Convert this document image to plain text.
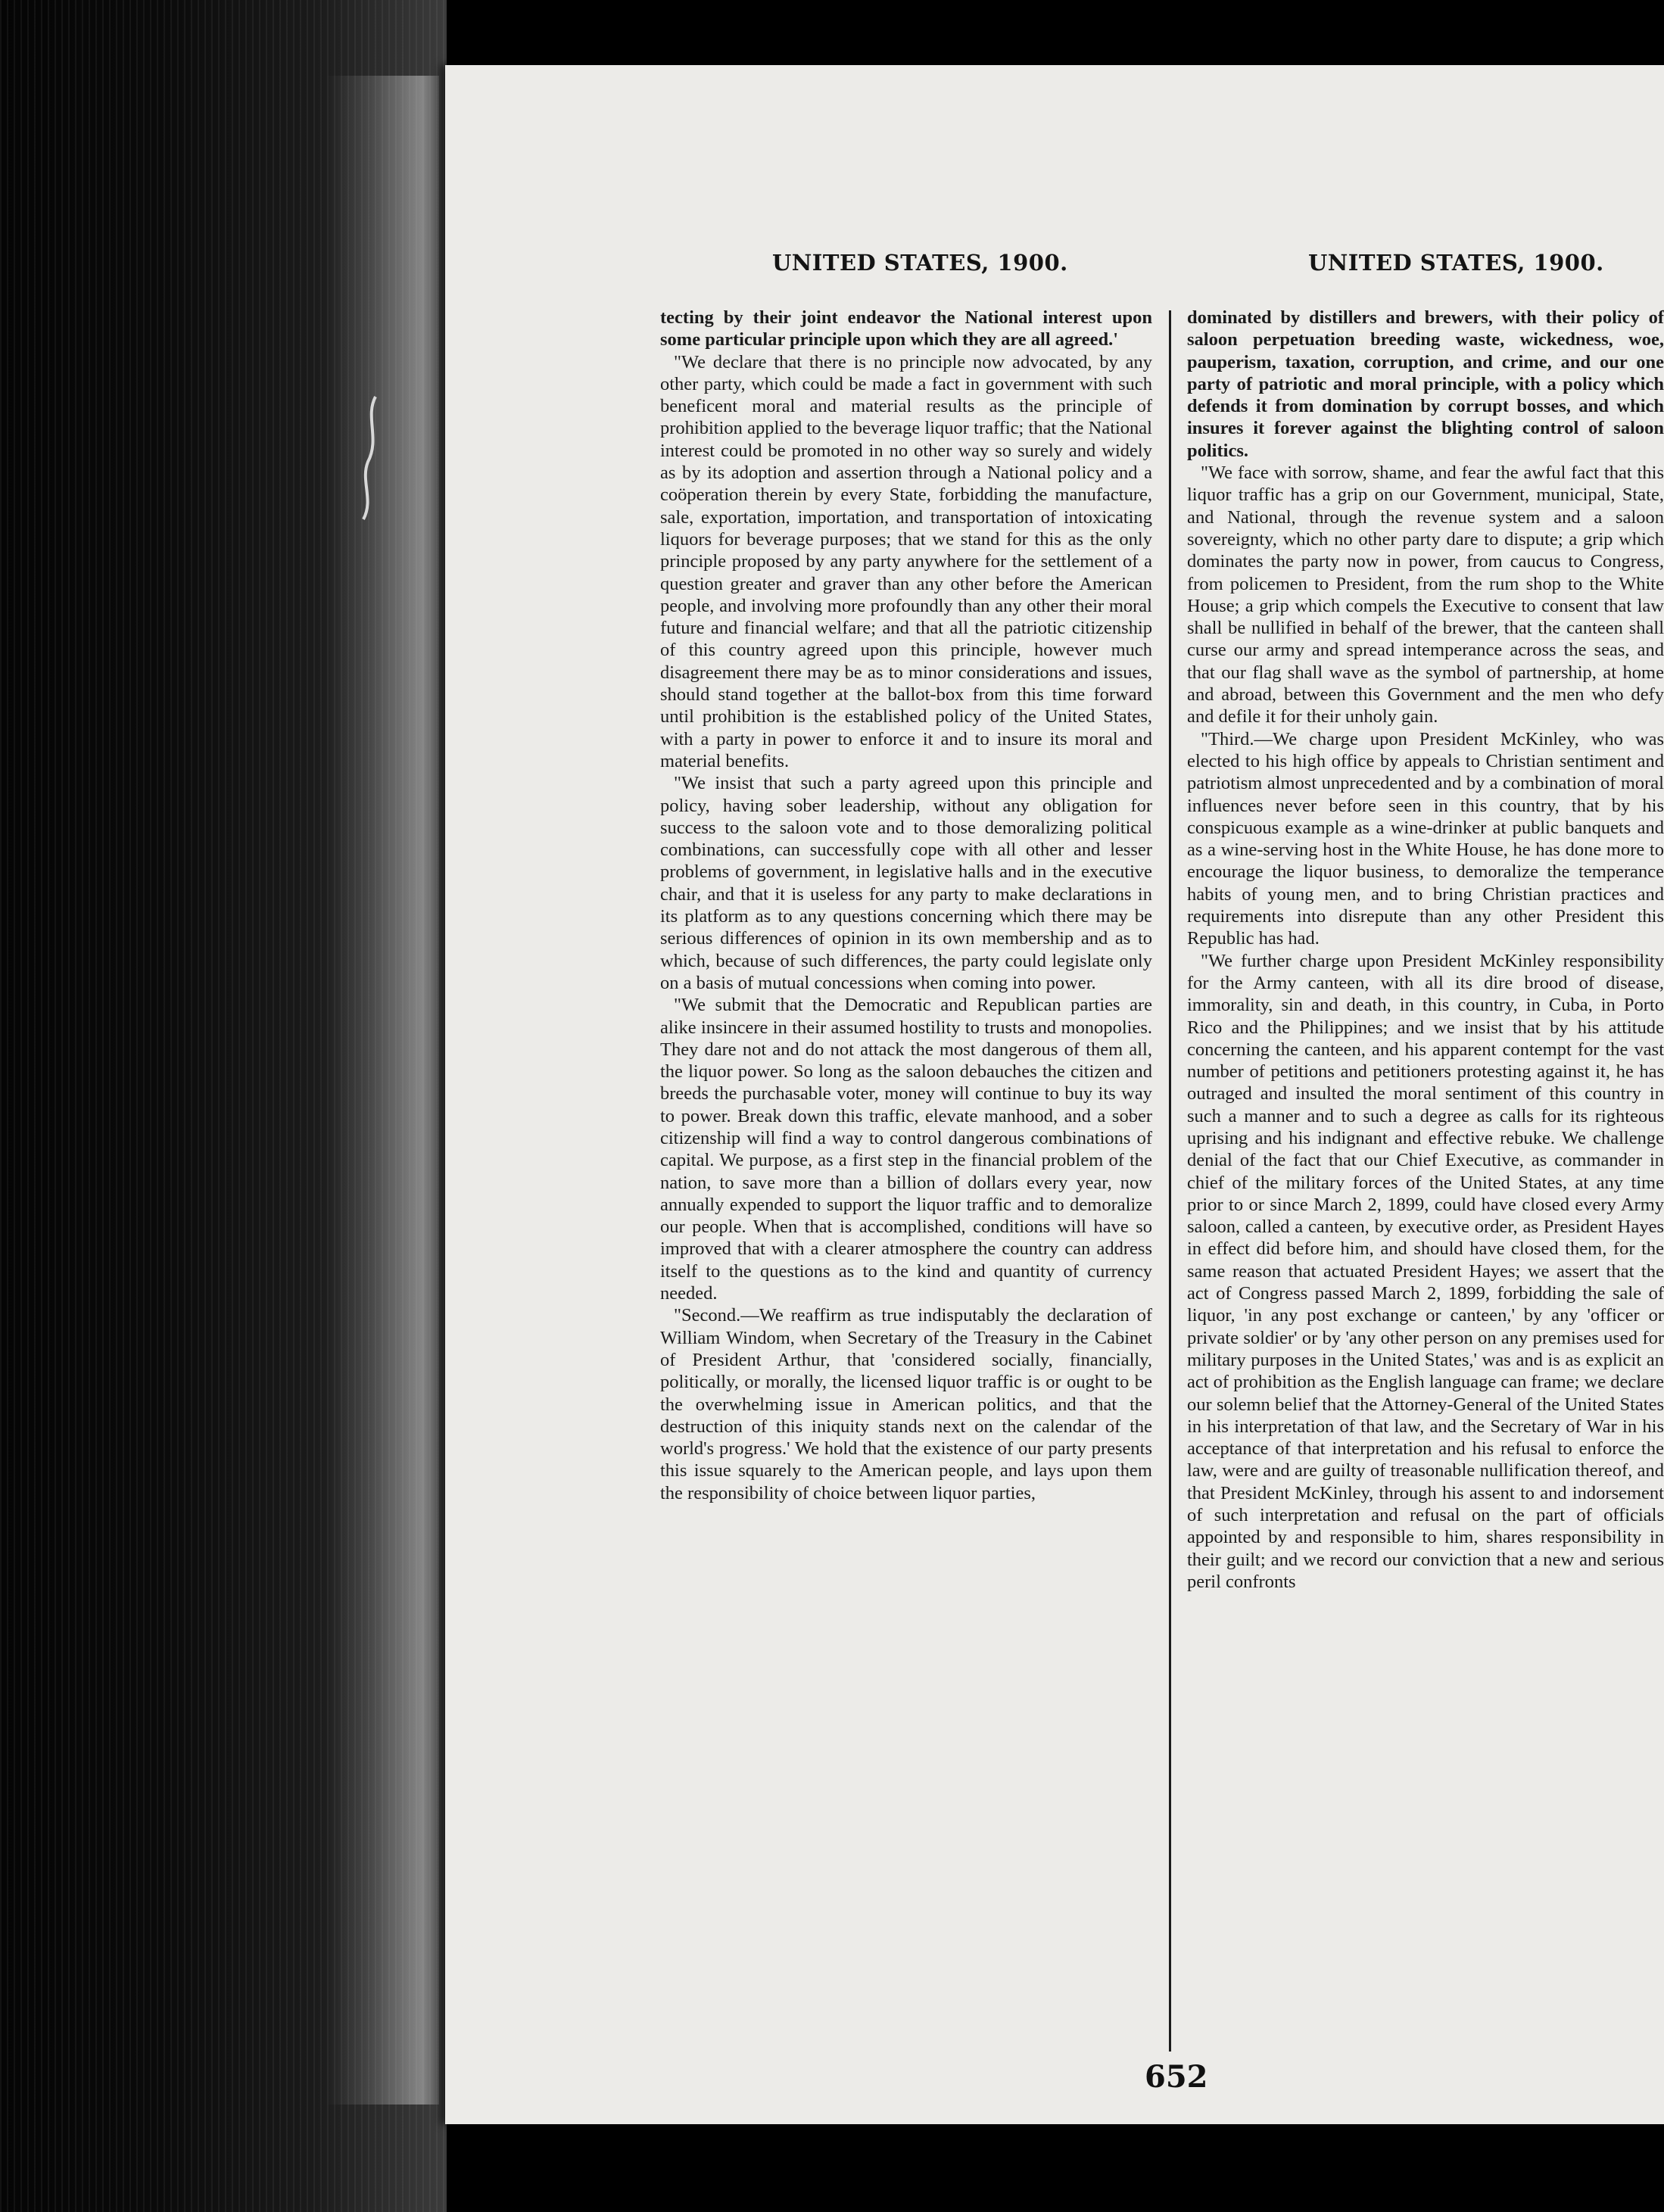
UNITED STATES, 1900.	UNITED STATES, 1900.

tecting by their joint endeavor the National interest upon some particular principle upon which they are all agreed.'

"We declare that there is no principle now advocated, by any other party, which could be made a fact in government with such beneficent moral and material results as the principle of prohibition applied to the beverage liquor traffic; that the National interest could be promoted in no other way so surely and widely as by its adoption and assertion through a National policy and a coöperation therein by every State, forbidding the manufacture, sale, exportation, importation, and transportation of intoxicating liquors for beverage purposes; that we stand for this as the only principle proposed by any party anywhere for the settlement of a question greater and graver than any other before the American people, and involving more profoundly than any other their moral future and financial welfare; and that all the patriotic citizenship of this country agreed upon this principle, however much disagreement there may be as to minor considerations and issues, should stand together at the ballot-box from this time forward until prohibition is the established policy of the United States, with a party in power to enforce it and to insure its moral and material benefits.

"We insist that such a party agreed upon this principle and policy, having sober leadership, without any obligation for success to the saloon vote and to those demoralizing political combinations, can successfully cope with all other and lesser problems of government, in legislative halls and in the executive chair, and that it is useless for any party to make declarations in its platform as to any questions concerning which there may be serious differences of opinion in its own membership and as to which, because of such differences, the party could legislate only on a basis of mutual concessions when coming into power.

"We submit that the Democratic and Republican parties are alike insincere in their assumed hostility to trusts and monopolies. They dare not and do not attack the most dangerous of them all, the liquor power. So long as the saloon debauches the citizen and breeds the purchasable voter, money will continue to buy its way to power. Break down this traffic, elevate manhood, and a sober citizenship will find a way to control dangerous combinations of capital. We purpose, as a first step in the financial problem of the nation, to save more than a billion of dollars every year, now annually expended to support the liquor traffic and to demoralize our people. When that is accomplished, conditions will have so improved that with a clearer atmosphere the country can address itself to the questions as to the kind and quantity of currency needed.

"Second.—We reaffirm as true indisputably the declaration of William Windom, when Secretary of the Treasury in the Cabinet of President Arthur, that 'considered socially, financially, politically, or morally, the licensed liquor traffic is or ought to be the overwhelming issue in American politics, and that the destruction of this iniquity stands next on the calendar of the world's progress.' We hold that the existence of our party presents this issue squarely to the American people, and lays upon them the responsibility of choice between liquor parties,

dominated by distillers and brewers, with their policy of saloon perpetuation breeding waste, wickedness, woe, pauperism, taxation, corruption, and crime, and our one party of patriotic and moral principle, with a policy which defends it from domination by corrupt bosses, and which insures it forever against the blighting control of saloon politics.

"We face with sorrow, shame, and fear the awful fact that this liquor traffic has a grip on our Government, municipal, State, and National, through the revenue system and a saloon sovereignty, which no other party dare to dispute; a grip which dominates the party now in power, from caucus to Congress, from policemen to President, from the rum shop to the White House; a grip which compels the Executive to consent that law shall be nullified in behalf of the brewer, that the canteen shall curse our army and spread intemperance across the seas, and that our flag shall wave as the symbol of partnership, at home and abroad, between this Government and the men who defy and defile it for their unholy gain.

"Third.—We charge upon President McKinley, who was elected to his high office by appeals to Christian sentiment and patriotism almost unprecedented and by a combination of moral influences never before seen in this country, that by his conspicuous example as a wine-drinker at public banquets and as a wine-serving host in the White House, he has done more to encourage the liquor business, to demoralize the temperance habits of young men, and to bring Christian practices and requirements into disrepute than any other President this Republic has had.

"We further charge upon President McKinley responsibility for the Army canteen, with all its dire brood of disease, immorality, sin and death, in this country, in Cuba, in Porto Rico and the Philippines; and we insist that by his attitude concerning the canteen, and his apparent contempt for the vast number of petitions and petitioners protesting against it, he has outraged and insulted the moral sentiment of this country in such a manner and to such a degree as calls for its righteous uprising and his indignant and effective rebuke. We challenge denial of the fact that our Chief Executive, as commander in chief of the military forces of the United States, at any time prior to or since March 2, 1899, could have closed every Army saloon, called a canteen, by executive order, as President Hayes in effect did before him, and should have closed them, for the same reason that actuated President Hayes; we assert that the act of Congress passed March 2, 1899, forbidding the sale of liquor, 'in any post exchange or canteen,' by any 'officer or private soldier' or by 'any other person on any premises used for military purposes in the United States,' was and is as explicit an act of prohibition as the English language can frame; we declare our solemn belief that the Attorney-General of the United States in his interpretation of that law, and the Secretary of War in his acceptance of that interpretation and his refusal to enforce the law, were and are guilty of treasonable nullification thereof, and that President McKinley, through his assent to and indorsement of such interpretation and refusal on the part of officials appointed by and responsible to him, shares responsibility in their guilt; and we record our conviction that a new and serious peril confronts

652
